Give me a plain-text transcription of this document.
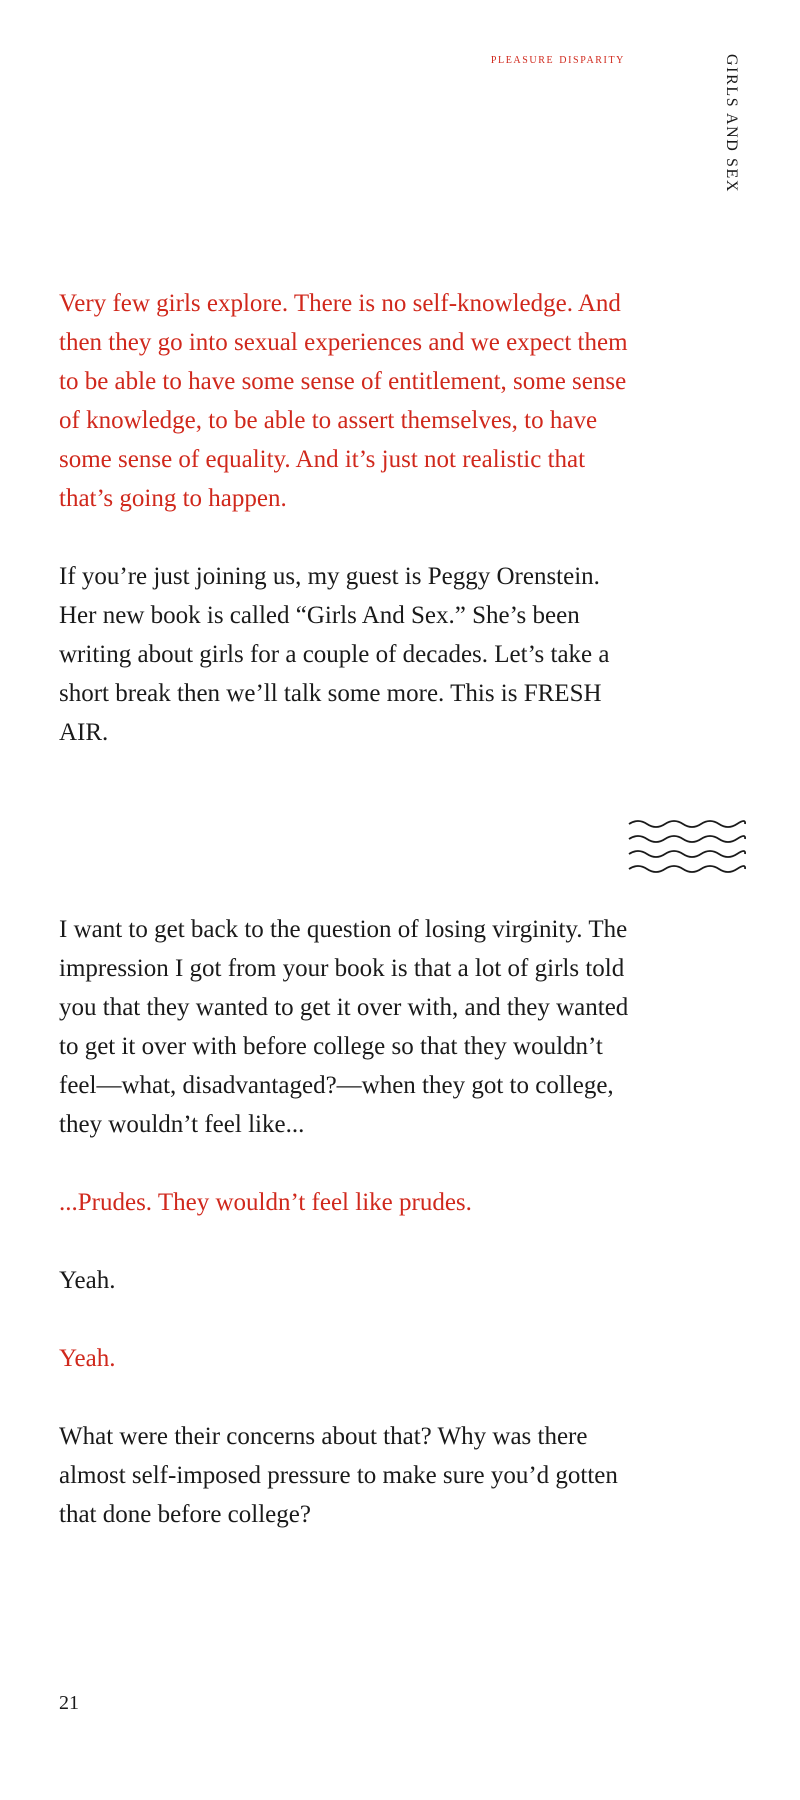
pleasure disparity	GIRLS AND SEX

Very few girls explore. There is no self-knowledge. And then they go into sexual experiences and we expect them to be able to have some sense of entitlement, some sense of knowledge, to be able to assert themselves, to have some sense of equality. And it’s just not realistic that that’s going to happen.

If you’re just joining us, my guest is Peggy Orenstein. Her new book is called “Girls And Sex.” She’s been writing about girls for a couple of decades. Let’s take a short break then we’ll talk some more. This is FRESH AIR.

I want to get back to the question of losing virginity. The impression I got from your book is that a lot of girls told you that they wanted to get it over with, and they wanted to get it over with before college so that they wouldn’t feel—what, disadvantaged?—when they got to college, they wouldn’t feel like...

...Prudes. They wouldn’t feel like prudes.

Yeah.

Yeah.

What were their concerns about that? Why was there almost self-imposed pressure to make sure you’d gotten that done before college?

21
